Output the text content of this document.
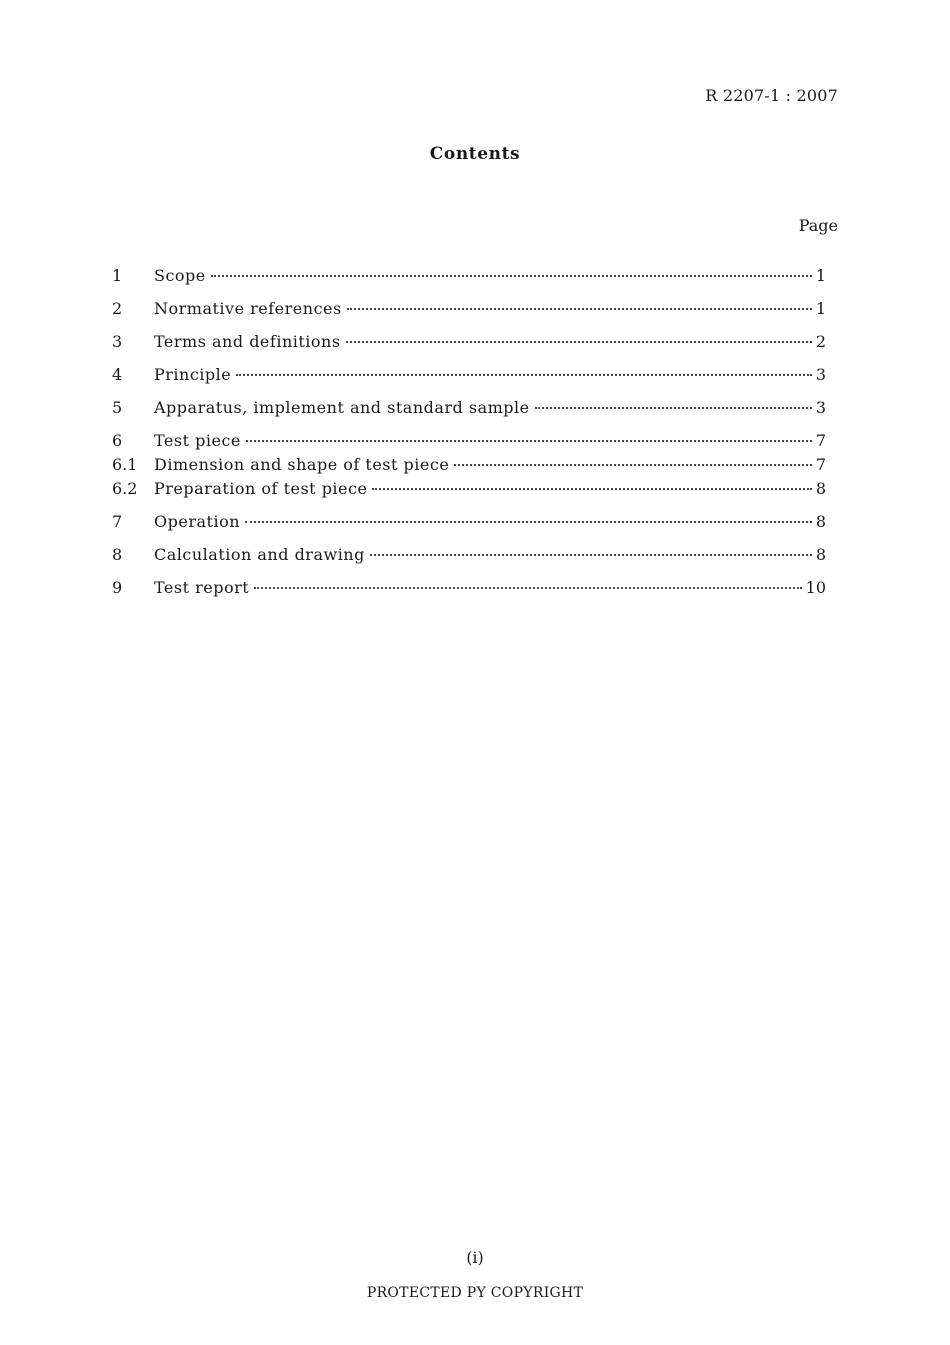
R 2207-1 : 2007
Contents
Page
1	Scope	1
2	Normative references	1
3	Terms and definitions	2
4	Principle	3
5	Apparatus, implement and standard sample	3
6	Test piece	7
6.1	Dimension and shape of test piece	7
6.2	Preparation of test piece	8
7	Operation	8
8	Calculation and drawing	8
9	Test report	10
(i)
PROTECTED PY COPYRIGHT
